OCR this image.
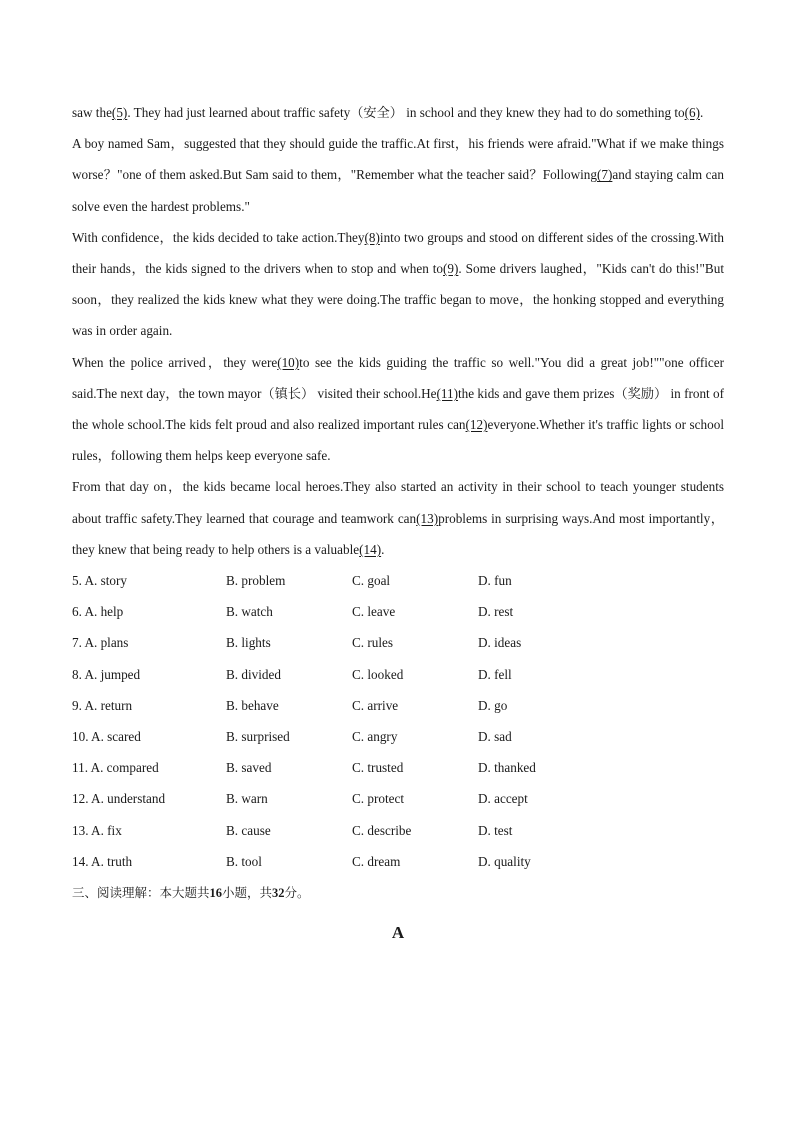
saw the(5). They had just learned about traffic safety（安全） in school and they knew they had to do something to(6).

A boy named Sam，suggested that they should guide the traffic.At first，his friends were afraid."What if we make things worse？"one of them asked.But Sam said to them，"Remember what the teacher said？Following(7)and staying calm can solve even the hardest problems."

With confidence，the kids decided to take action.They(8)into two groups and stood on different sides of the crossing.With their hands，the kids signed to the drivers when to stop and when to(9). Some drivers laughed，"Kids can't do this!"But soon，they realized the kids knew what they were doing.The traffic began to move，the honking stopped and everything was in order again.

When the police arrived，they were(10)to see the kids guiding the traffic so well."You did a great job!""one officer said.The next day，the town mayor（镇长） visited their school.He(11)the kids and gave them prizes（奖励） in front of the whole school.The kids felt proud and also realized important rules can(12)everyone.Whether it's traffic lights or school rules，following them helps keep everyone safe.

From that day on，the kids became local heroes.They also started an activity in their school to teach younger students about traffic safety.They learned that courage and teamwork can(13)problems in surprising ways.And most importantly，they knew that being ready to help others is a valuable(14).

5. A. story	B. problem	C. goal	D. fun
6. A. help	B. watch	C. leave	D. rest
7. A. plans	B. lights	C. rules	D. ideas
8. A. jumped	B. divided	C. looked	D. fell
9. A. return	B. behave	C. arrive	D. go
10. A. scared	B. surprised	C. angry	D. sad
11. A. compared	B. saved	C. trusted	D. thanked
12. A. understand	B. warn	C. protect	D. accept
13. A. fix	B. cause	C. describe	D. test
14. A. truth	B. tool	C. dream	D. quality
三、阅读理解：本大题共16小题，共32分。
A
